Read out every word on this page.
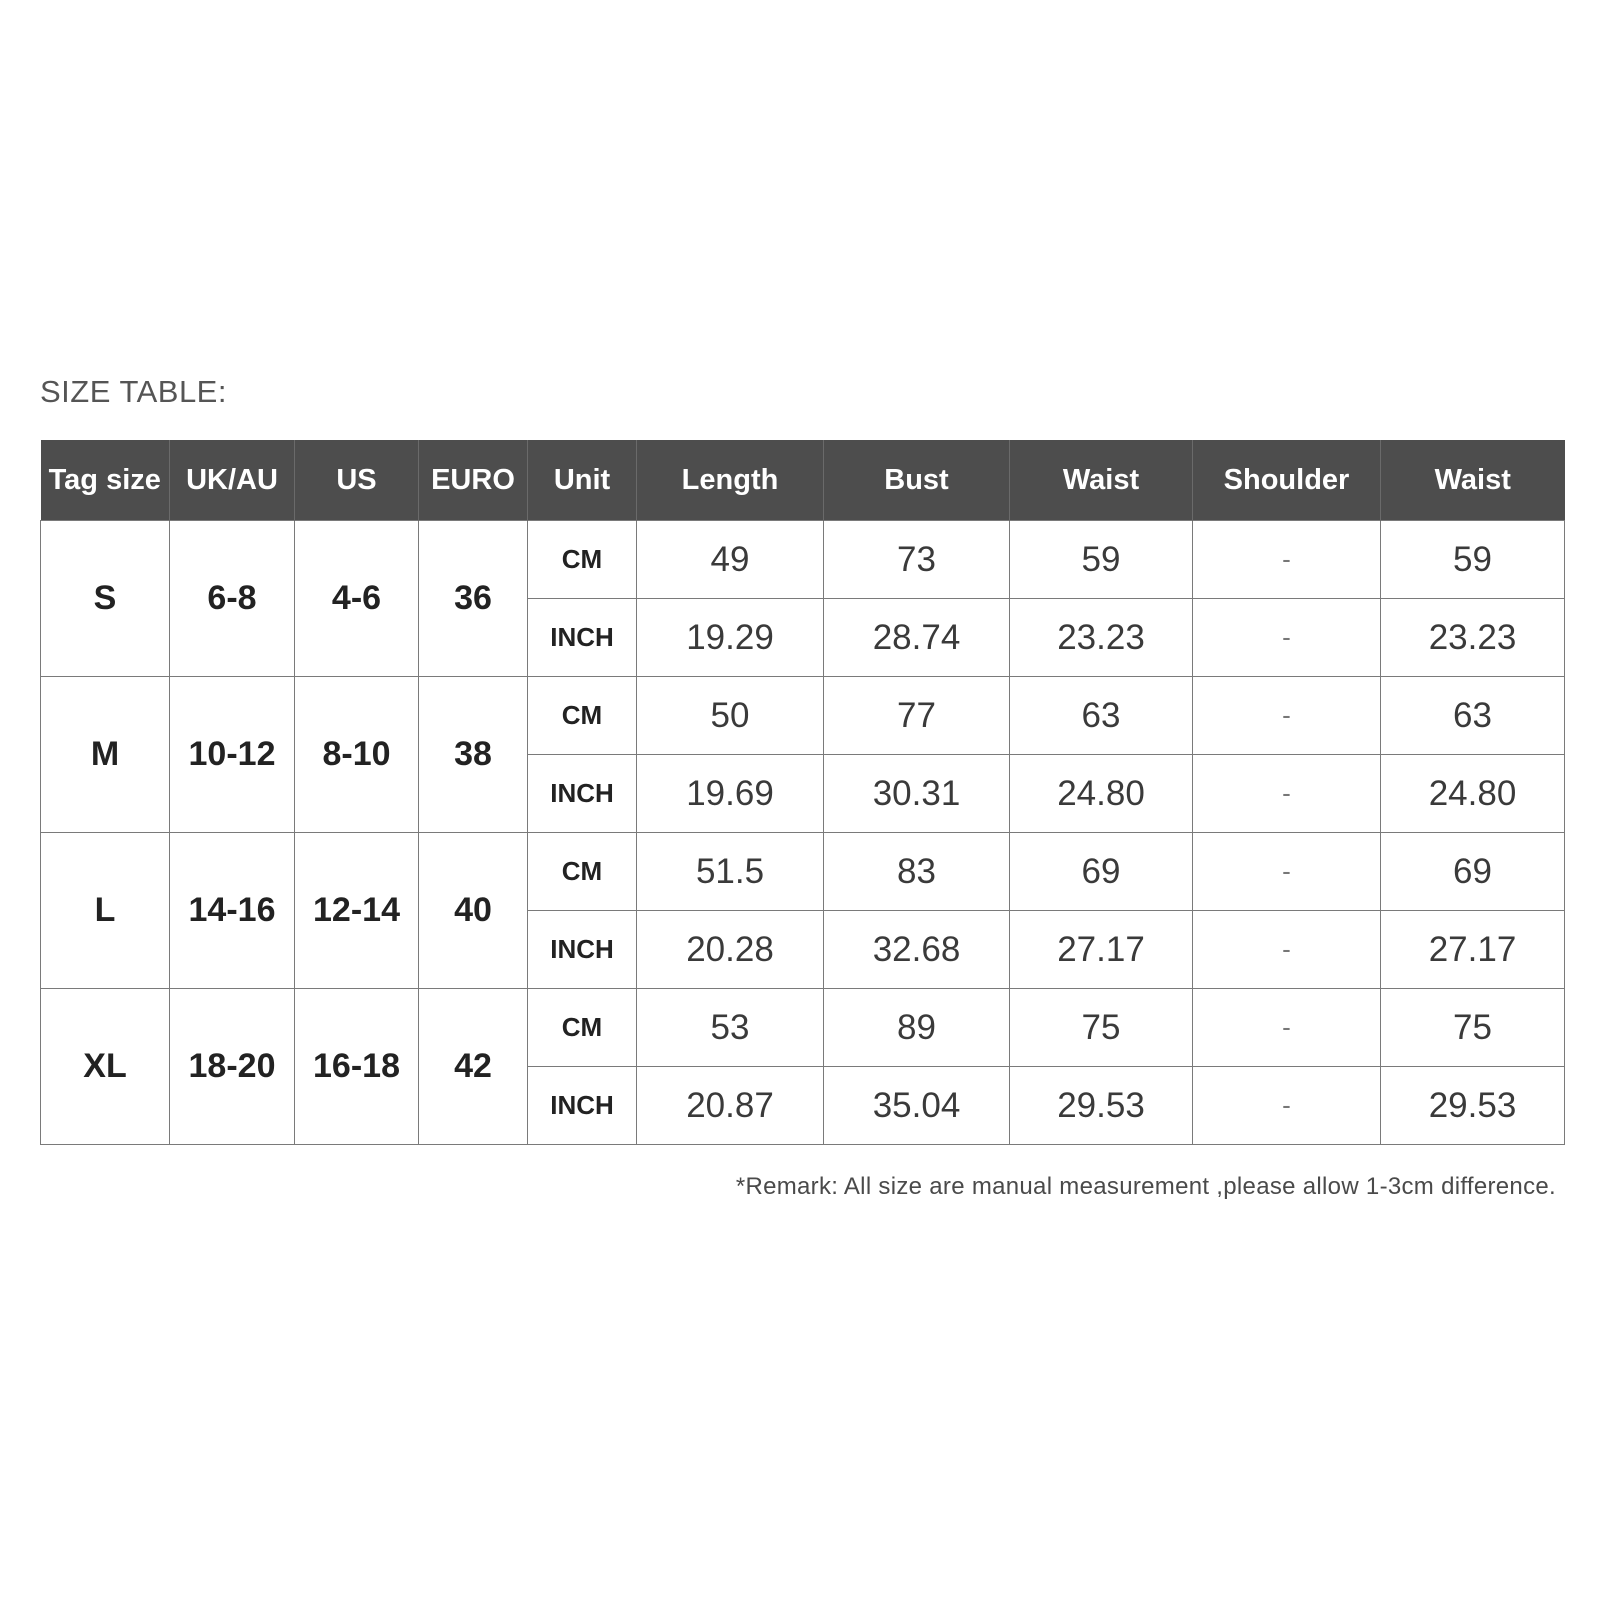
SIZE TABLE:
Tag size	UK/AU	US	EURO	Unit	Length	Bust	Waist	Shoulder	Waist
S	6-8	4-6	36	CM	49	73	59	-	59
				INCH	19.29	28.74	23.23	-	23.23
M	10-12	8-10	38	CM	50	77	63	-	63
				INCH	19.69	30.31	24.80	-	24.80
L	14-16	12-14	40	CM	51.5	83	69	-	69
				INCH	20.28	32.68	27.17	-	27.17
XL	18-20	16-18	42	CM	53	89	75	-	75
				INCH	20.87	35.04	29.53	-	29.53
*Remark: All size are manual measurement ,please allow 1-3cm difference.
